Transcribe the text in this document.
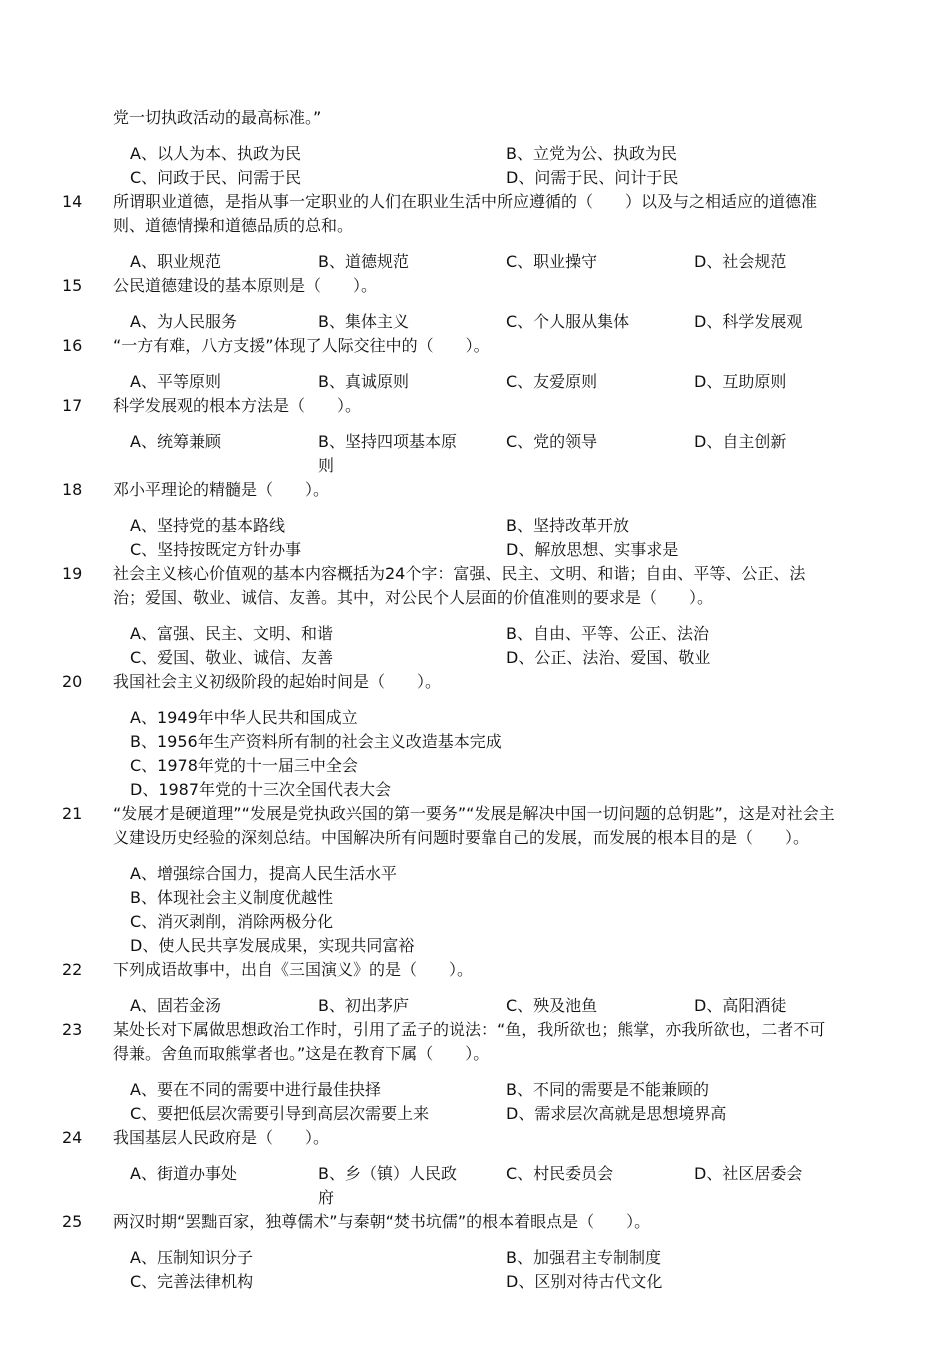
党一切执政活动的最高标准。”
A、以人为本、执政为民	B、立党为公、执政为民
C、问政于民、问需于民	D、问需于民、问计于民
14	所谓职业道德，是指从事一定职业的人们在职业生活中所应遵循的（　　）以及与之相适应的道德准
则、道德情操和道德品质的总和。
A、职业规范	B、道德规范	C、职业操守	D、社会规范
15	公民道德建设的基本原则是（　　）。
A、为人民服务	B、集体主义	C、个人服从集体	D、科学发展观
16	“一方有难，八方支援”体现了人际交往中的（　　）。
A、平等原则	B、真诚原则	C、友爱原则	D、互助原则
17	科学发展观的根本方法是（　　）。
A、统筹兼顾	B、坚持四项基本原
则
C、党的领导	D、自主创新
18	邓小平理论的精髓是（　　）。
A、坚持党的基本路线	B、坚持改革开放
C、坚持按既定方针办事	D、解放思想、实事求是
19	社会主义核心价值观的基本内容概括为24个字：富强、民主、文明、和谐；自由、平等、公正、法
治；爱国、敬业、诚信、友善。其中，对公民个人层面的价值准则的要求是（　　）。
A、富强、民主、文明、和谐	B、自由、平等、公正、法治
C、爱国、敬业、诚信、友善	D、公正、法治、爱国、敬业
20	我国社会主义初级阶段的起始时间是（　　）。
A、1949年中华人民共和国成立
B、1956年生产资料所有制的社会主义改造基本完成
C、1978年党的十一届三中全会
D、1987年党的十三次全国代表大会
21	“发展才是硬道理”“发展是党执政兴国的第一要务”“发展是解决中国一切问题的总钥匙”，这是对社会主
义建设历史经验的深刻总结。中国解决所有问题时要靠自己的发展，而发展的根本目的是（　　）。
A、增强综合国力，提高人民生活水平
B、体现社会主义制度优越性
C、消灭剥削，消除两极分化
D、使人民共享发展成果，实现共同富裕
22	下列成语故事中，出自《三国演义》的是（　　）。
A、固若金汤	B、初出茅庐	C、殃及池鱼	D、高阳酒徒
23	某处长对下属做思想政治工作时，引用了孟子的说法：“鱼，我所欲也；熊掌，亦我所欲也，二者不可
得兼。舍鱼而取熊掌者也。”这是在教育下属（　　）。
A、要在不同的需要中进行最佳抉择	B、不同的需要是不能兼顾的
C、要把低层次需要引导到高层次需要上来	D、需求层次高就是思想境界高
24	我国基层人民政府是（　　）。
A、街道办事处	B、乡（镇）人民政
府
C、村民委员会	D、社区居委会
25	两汉时期“罢黜百家，独尊儒术”与秦朝“焚书坑儒”的根本着眼点是（　　）。
A、压制知识分子	B、加强君主专制制度
C、完善法律机构	D、区别对待古代文化
